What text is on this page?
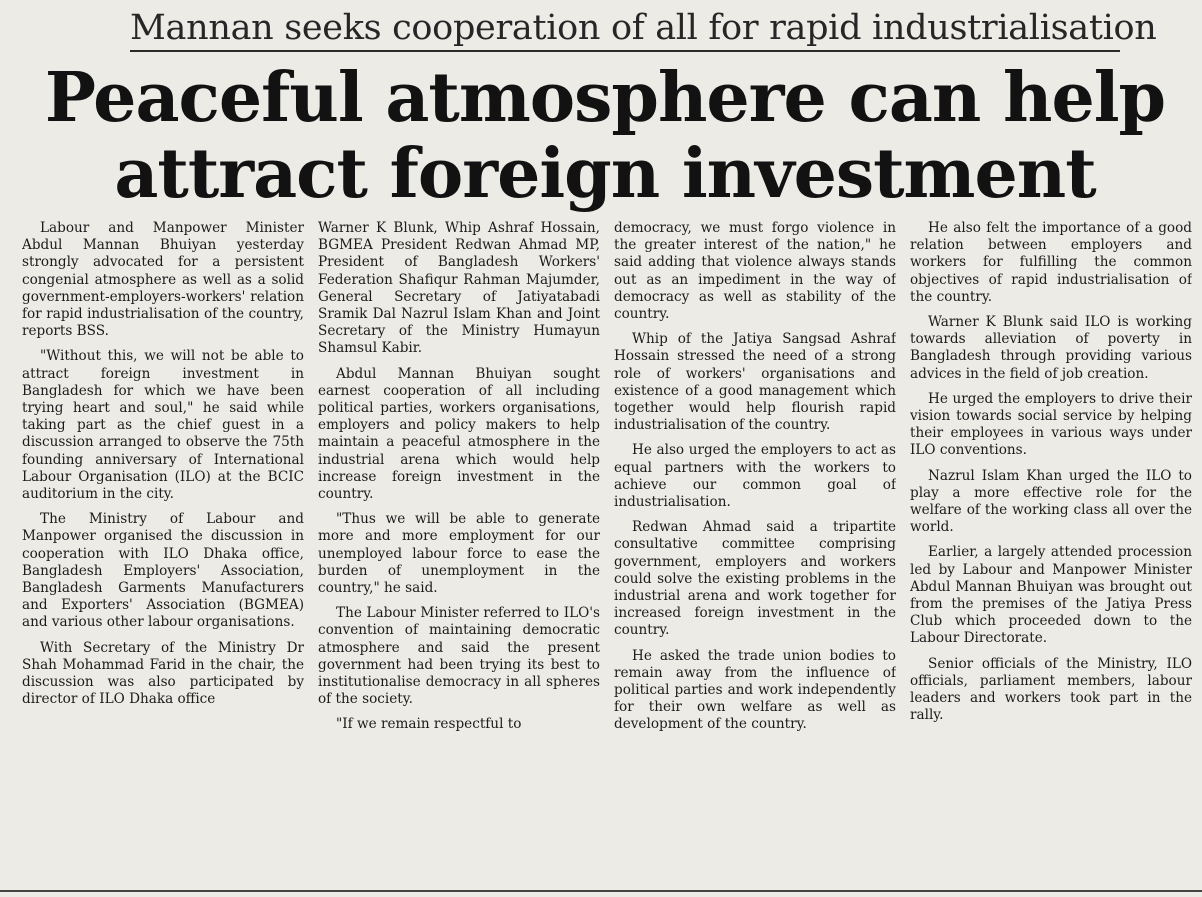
Mannan seeks cooperation of all for rapid industrialisation
Peaceful atmosphere can help
attract foreign investment

Labour and Manpower Minister Abdul Mannan Bhuiyan yesterday strongly advocated for a persistent congenial atmosphere as well as a solid government-employers-workers' relation for rapid industrialisation of the country, reports BSS.

"Without this, we will not be able to attract foreign investment in Bangladesh for which we have been trying heart and soul," he said while taking part as the chief guest in a discussion arranged to observe the 75th founding anniversary of International Labour Organisation (ILO) at the BCIC auditorium in the city.

The Ministry of Labour and Manpower organised the discussion in cooperation with ILO Dhaka office, Bangladesh Employers' Association, Bangladesh Garments Manufacturers and Exporters' Association (BGMEA) and various other labour organisations.

With Secretary of the Ministry Dr Shah Mohammad Farid in the chair, the discussion was also participated by director of ILO Dhaka office

Warner K Blunk, Whip Ashraf Hossain, BGMEA President Redwan Ahmad MP, President of Bangladesh Workers' Federation Shafiqur Rahman Majumder, General Secretary of Jatiyatabadi Sramik Dal Nazrul Islam Khan and Joint Secretary of the Ministry Humayun Shamsul Kabir.

Abdul Mannan Bhuiyan sought earnest cooperation of all including political parties, workers organisations, employers and policy makers to help maintain a peaceful atmosphere in the industrial arena which would help increase foreign investment in the country.

"Thus we will be able to generate more and more employment for our unemployed labour force to ease the burden of unemployment in the country," he said.

The Labour Minister referred to ILO's convention of maintaining democratic atmosphere and said the present government had been trying its best to institutionalise democracy in all spheres of the society.

"If we remain respectful to

democracy, we must forgo violence in the greater interest of the nation," he said adding that violence always stands out as an impediment in the way of democracy as well as stability of the country.

Whip of the Jatiya Sangsad Ashraf Hossain stressed the need of a strong role of workers' organisations and existence of a good management which together would help flourish rapid industrialisation of the country.

He also urged the employers to act as equal partners with the workers to achieve our common goal of industrialisation.

Redwan Ahmad said a tripartite consultative committee comprising government, employers and workers could solve the existing problems in the industrial arena and work together for increased foreign investment in the country.

He asked the trade union bodies to remain away from the influence of political parties and work independently for their own welfare as well as development of the country.

He also felt the importance of a good relation between employers and workers for fulfilling the common objectives of rapid industrialisation of the country.

Warner K Blunk said ILO is working towards alleviation of poverty in Bangladesh through providing various advices in the field of job creation.

He urged the employers to drive their vision towards social service by helping their employees in various ways under ILO conventions.

Nazrul Islam Khan urged the ILO to play a more effective role for the welfare of the working class all over the world.

Earlier, a largely attended procession led by Labour and Manpower Minister Abdul Mannan Bhuiyan was brought out from the premises of the Jatiya Press Club which proceeded down to the Labour Directorate.

Senior officials of the Ministry, ILO officials, parliament members, labour leaders and workers took part in the rally.
